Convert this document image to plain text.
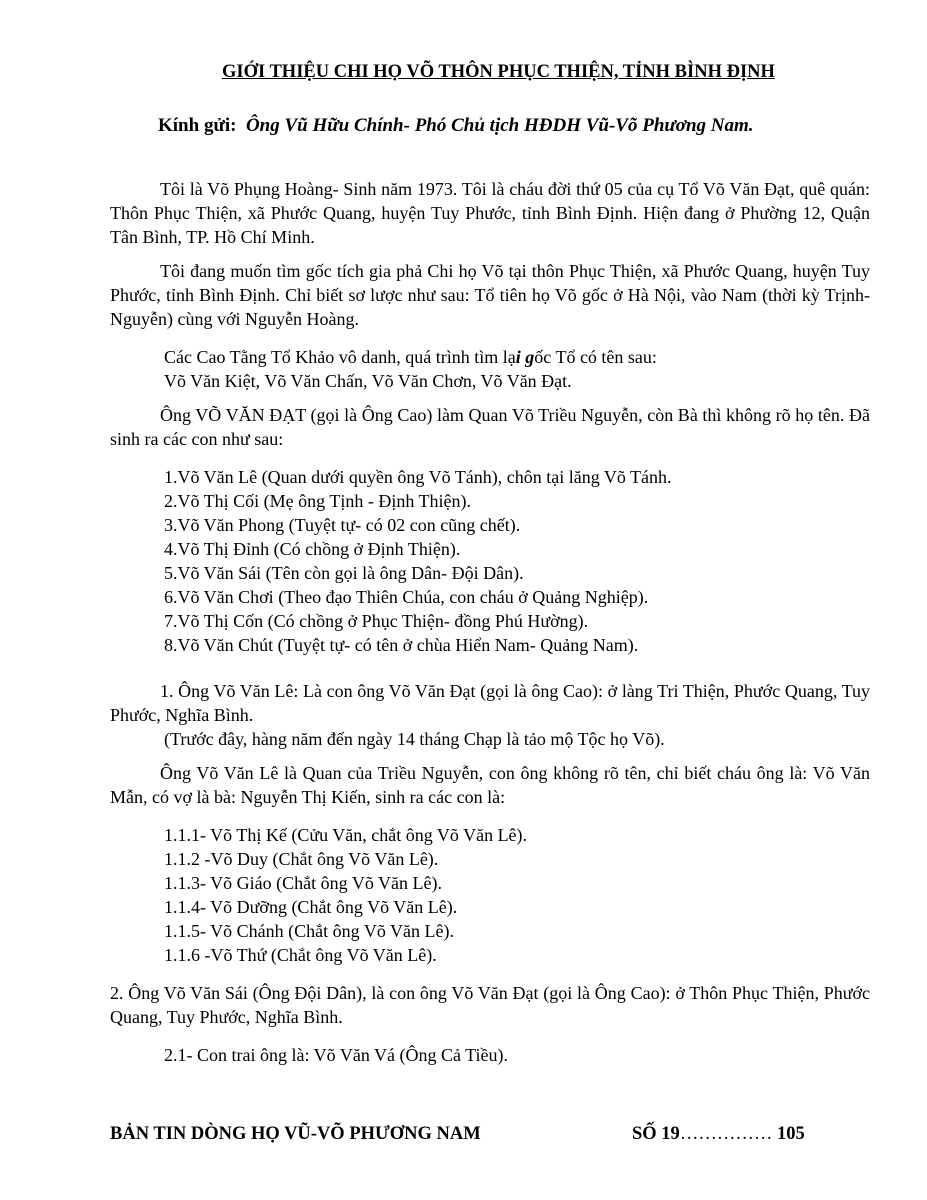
GIỚI THIỆU CHI HỌ VÕ THÔN PHỤC THIỆN, TỈNH BÌNH ĐỊNH

Kính gửi: Ông Vũ Hữu Chính- Phó Chủ tịch HĐDH Vũ-Võ Phương Nam.

Tôi là Võ Phụng Hoàng- Sinh năm 1973. Tôi là cháu đời thứ 05 của cụ Tổ Võ Văn Đạt, quê quán: Thôn Phục Thiện, xã Phước Quang, huyện Tuy Phước, tỉnh Bình Định. Hiện đang ở Phường 12, Quận Tân Bình, TP. Hồ Chí Minh.

Tôi đang muốn tìm gốc tích gia phả Chi họ Võ tại thôn Phục Thiện, xã Phước Quang, huyện Tuy Phước, tỉnh Bình Định. Chỉ biết sơ lược như sau: Tổ tiên họ Võ gốc ở Hà Nội, vào Nam (thời kỳ Trịnh- Nguyễn) cùng với Nguyễn Hoàng.

Các Cao Tằng Tổ Khảo vô danh, quá trình tìm lại gốc Tổ có tên sau:
Võ Văn Kiệt, Võ Văn Chấn, Võ Văn Chơn, Võ Văn Đạt.

Ông VÕ VĂN ĐẠT (gọi là Ông Cao) làm Quan Võ Triều Nguyễn, còn Bà thì không rõ họ tên. Đã sinh ra các con như sau:

1.Võ Văn Lê (Quan dưới quyền ông Võ Tánh), chôn tại lăng Võ Tánh.
2.Võ Thị Cối (Mẹ ông Tịnh - Định Thiện).
3.Võ Văn Phong (Tuyệt tự- có 02 con cũng chết).
4.Võ Thị Đỉnh (Có chồng ở Định Thiện).
5.Võ Văn Sái (Tên còn gọi là ông Dân- Đội Dân).
6.Võ Văn Chơi (Theo đạo Thiên Chúa, con cháu ở Quảng Nghiệp).
7.Võ Thị Cốn (Có chồng ở Phục Thiện- đồng Phú Hường).
8.Võ Văn Chút (Tuyệt tự- có tên ở chùa Hiển Nam- Quảng Nam).

1. Ông Võ Văn Lê: Là con ông Võ Văn Đạt (gọi là ông Cao): ở làng Tri Thiện, Phước Quang, Tuy Phước, Nghĩa Bình.

(Trước đây, hàng năm đến ngày 14 tháng Chạp là tảo mộ Tộc họ Võ).

Ông Võ Văn Lê là Quan của Triều Nguyễn, con ông không rõ tên, chỉ biết cháu ông là: Võ Văn Mẫn, có vợ là bà: Nguyễn Thị Kiến, sinh ra các con là:

1.1.1- Võ Thị Kế (Cửu Văn, chắt ông Võ Văn Lê).
1.1.2 -Võ Duy (Chắt ông Võ Văn Lê).
1.1.3- Võ Giáo (Chắt ông Võ Văn Lê).
1.1.4- Võ Dưỡng (Chắt ông Võ Văn Lê).
1.1.5- Võ Chánh (Chắt ông Võ Văn Lê).
1.1.6 -Võ Thứ (Chắt ông Võ Văn Lê).

2. Ông Võ Văn Sái (Ông Đội Dân), là con ông Võ Văn Đạt (gọi là Ông Cao): ở Thôn Phục Thiện, Phước Quang, Tuy Phước, Nghĩa Bình.

2.1- Con trai ông là: Võ Văn Vá (Ông Cả Tiều).
BẢN TIN DÒNG HỌ VŨ-VÕ PHƯƠNG NAM	SỐ 19…………… 105
